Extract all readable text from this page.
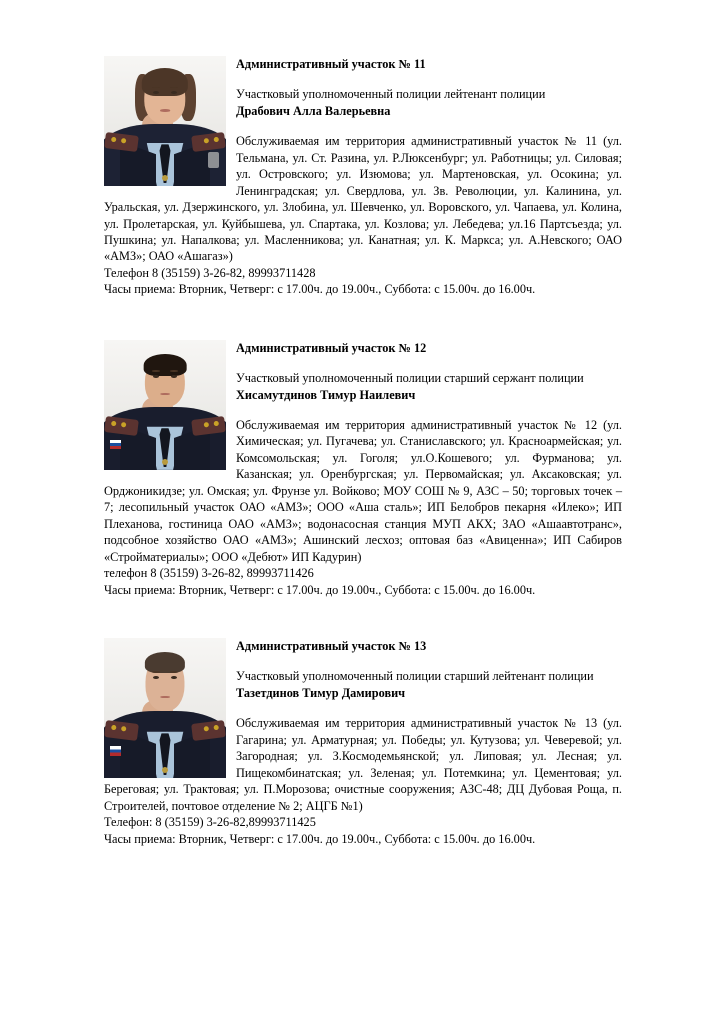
Административный участок № 11

Участковый уполномоченный полиции лейтенант полиции

Драбович Алла Валерьевна

Обслуживаемая им территория административный участок № 11 (ул. Тельмана, ул. Ст. Разина, ул. Р.Люксенбург; ул. Работницы; ул. Силовая; ул. Островского; ул. Изюмова; ул. Мартеновская, ул. Осокина; ул. Ленинградская; ул. Свердлова, ул. Зв. Революции, ул. Калинина, ул. Уральская, ул. Дзержинского, ул. Злобина, ул. Шевченко, ул. Воровского, ул. Чапаева, ул. Колина, ул. Пролетарская, ул. Куйбышева, ул. Спартака, ул. Козлова; ул. Лебедева; ул.16 Партсъезда; ул. Пушкина; ул. Напалкова; ул. Масленникова; ул. Канатная; ул. К. Маркса; ул. А.Невского; ОАО «АМЗ»; ОАО «Ашагаз»)

Телефон 8 (35159) 3-26-82, 89993711428

Часы приема: Вторник, Четверг: с 17.00ч. до 19.00ч., Суббота: с 15.00ч. до 16.00ч.

Административный участок № 12

Участковый уполномоченный полиции старший сержант полиции

Хисамутдинов Тимур Наилевич

Обслуживаемая им территория административный участок № 12 (ул. Химическая; ул. Пугачева; ул. Станиславского; ул. Красноармейская; ул. Комсомольская; ул. Гоголя; ул.О.Кошевого; ул. Фурманова; ул. Казанская; ул. Оренбургская; ул. Первомайская; ул. Аксаковская; ул. Орджоникидзе; ул. Омская; ул. Фрунзе ул. Войково; МОУ СОШ № 9, АЗС – 50; торговых точек – 7; лесопильный участок ОАО «АМЗ»; ООО «Аша сталь»; ИП Белобров пекарня «Илеко»; ИП Плеханова, гостиница ОАО «АМЗ»; водонасосная станция МУП АКХ; ЗАО «Ашаавтотранс», подсобное хозяйство ОАО «АМЗ»; Ашинский лесхоз; оптовая баз «Авиценна»; ИП Сабиров «Стройматериалы»; ООО «Дебют» ИП Кадурин)

телефон 8 (35159) 3-26-82, 89993711426

Часы приема: Вторник, Четверг: с 17.00ч. до 19.00ч., Суббота: с 15.00ч. до 16.00ч.

Административный участок № 13

Участковый уполномоченный полиции старший лейтенант полиции

Тазетдинов Тимур Дамирович

Обслуживаемая им территория административный участок № 13 (ул. Гагарина; ул. Арматурная; ул. Победы; ул. Кутузова; ул. Чеверевой; ул. Загородная; ул. З.Космодемьянской; ул. Липовая; ул. Лесная; ул. Пищекомбинатская; ул. Зеленая; ул. Потемкина; ул. Цементовая; ул. Береговая; ул. Трактовая; ул. П.Морозова; очистные сооружения; АЗС-48; ДЦ Дубовая Роща, п. Строителей, почтовое отделение № 2; АЦГБ №1)

Телефон: 8 (35159) 3-26-82,89993711425

Часы приема: Вторник, Четверг: с 17.00ч. до 19.00ч., Суббота: с 15.00ч. до 16.00ч.
